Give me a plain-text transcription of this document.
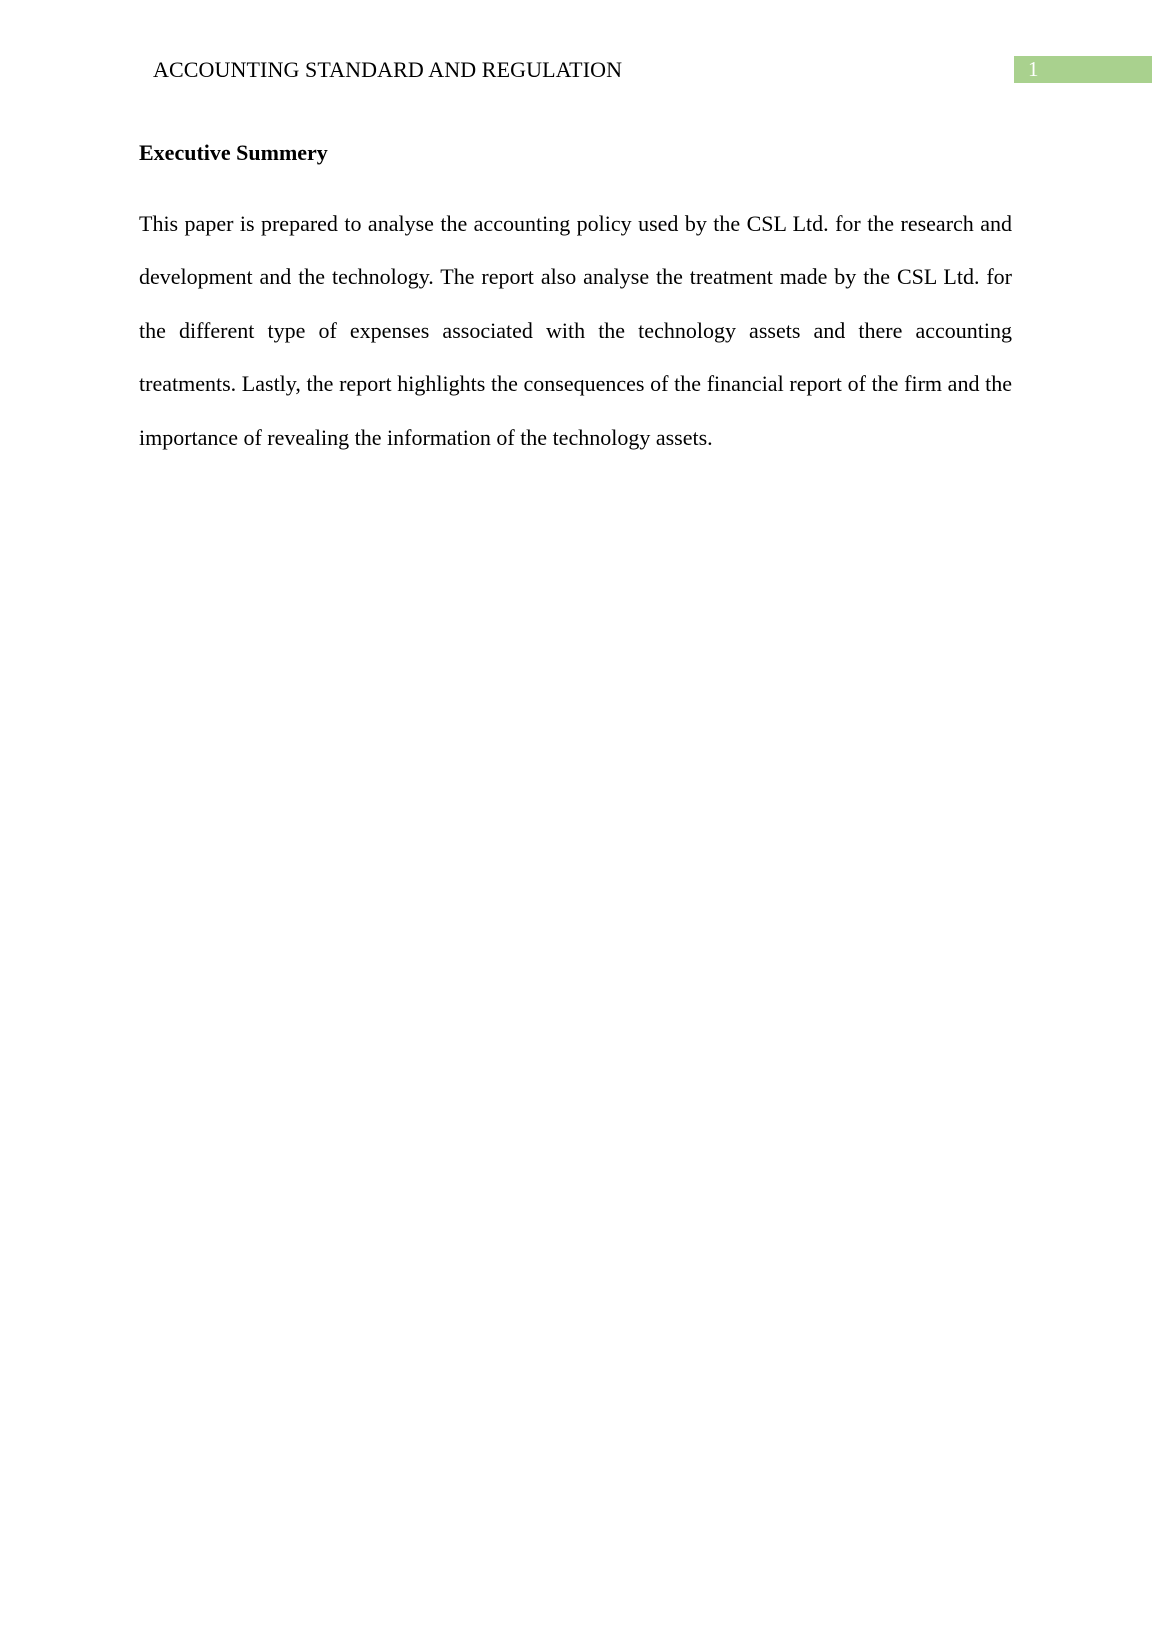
ACCOUNTING STANDARD AND REGULATION	1
Executive Summery

This paper is prepared to analyse the accounting policy used by the CSL Ltd. for the research and development and the technology. The report also analyse the treatment made by the CSL Ltd. for the different type of expenses associated with the technology assets and there accounting treatments. Lastly, the report highlights the consequences of the financial report of the firm and the importance of revealing the information of the technology assets.
